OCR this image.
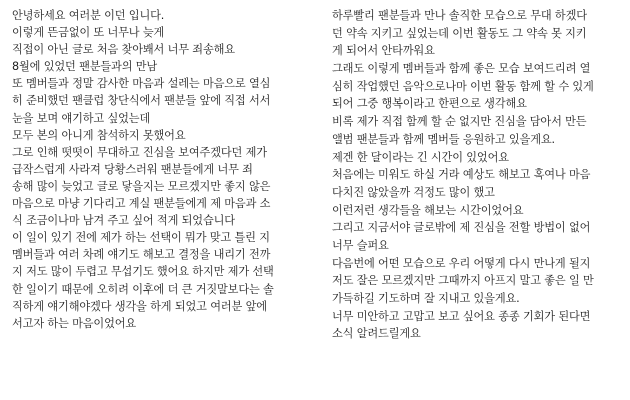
안녕하세요 여러분 이던 입니다.
이렇게 뜬금없이 또 너무나 늦게
직접이 아닌 글로 처음 찾아봬서 너무 죄송해요
8월에 있었던 팬분들과의 만남
또 멤버들과 정말 감사한 마음과 설레는 마음으로 열심
히 준비했던 팬클럽 창단식에서 팬분들 앞에 직접 서서
눈을 보며 얘기하고 싶었는데
모두 본의 아니게 참석하지 못했어요
그로 인해 떳떳이 무대하고 진심을 보여주겠다던 제가
급작스럽게 사라져 당황스러워 팬분들에게 너무 죄
송해 많이 늦었고 글로 닿을지는 모르겠지만 좋지 않은
마음으로 마냥 기다리고 계실 팬분들에게 제 마음과 소
식 조금이나마 남겨 주고 싶어 적게 되었습니다
이 일이 있기 전에 제가 하는 선택이 뭐가 맞고 틀린 지
멤버들과 여러 차례 얘기도 해보고 결정을 내리기 전까
지 저도 많이 두렵고 무섭기도 했어요 하지만 제가 선택
한 일이기 때문에 오히려 이후에 더 큰 거짓말보다는 솔
직하게 얘기해야겠다 생각을 하게 되었고 여러분 앞에
서고자 하는 마음이었어요
하루빨리 팬분들과 만나 솔직한 모습으로 무대 하겠다
던 약속 지키고 싶었는데 이번 활동도 그 약속 못 지키
게 되어서 안타까워요
그래도 이렇게 멤버들과 함께 좋은 모습 보여드리려 열
심히 작업했던 음악으로나마 이번 활동 함께 할 수 있게
되어 그중 행복이라고 한편으로 생각해요
비록 제가 직접 함께 할 순 없지만 진심을 담아서 만든
앨범 팬분들과 함께 멤버들 응원하고 있을게요.
제겐 한 달이라는 긴 시간이 있었어요
처음에는 미워도 하실 거라 예상도 해보고 혹여나 마음
다치진 않았을까 걱정도 많이 했고
이런저런 생각들을 해보는 시간이었어요
그리고 지금서야 글로밖에 제 진심을 전할 방법이 없어
너무 슬퍼요
다음번에 어떤 모습으로 우리 어떻게 다시 만나게 될지
저도 잘은 모르겠지만 그때까지 아프지 말고 좋은 일 만
가득하길 기도하며 잘 지내고 있을게요.
너무 미안하고 고맙고 보고 싶어요 종종 기회가 된다면
소식 알려드릴게요
